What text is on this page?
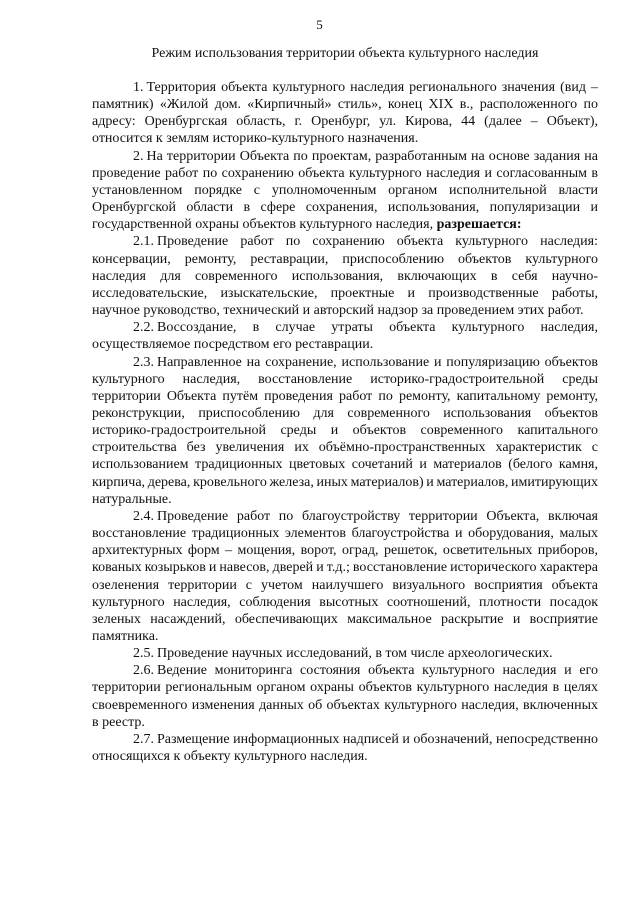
5
Режим использования территории объекта культурного наследия

1. Территория объекта культурного наследия регионального значения (вид – памятник) «Жилой дом. «Кирпичный» стиль», конец XIX в., расположенного по адресу: Оренбургская область, г. Оренбург, ул. Кирова, 44 (далее – Объект), относится к землям историко-культурного назначения.

2. На территории Объекта по проектам, разработанным на основе задания на проведение работ по сохранению объекта культурного наследия и согласованным в установленном порядке с уполномоченным органом исполнительной власти Оренбургской области в сфере сохранения, использования, популяризации и государственной охраны объектов культурного наследия, разрешается:

2.1. Проведение работ по сохранению объекта культурного наследия: консервации, ремонту, реставрации, приспособлению объектов культурного наследия для современного использования, включающих в себя научно-исследовательские, изыскательские, проектные и производственные работы, научное руководство, технический и авторский надзор за проведением этих работ.

2.2. Воссоздание, в случае утраты объекта культурного наследия, осуществляемое посредством его реставрации.

2.3. Направленное на сохранение, использование и популяризацию объектов культурного наследия, восстановление историко-градостроительной среды территории Объекта путём проведения работ по ремонту, капитальному ремонту, реконструкции, приспособлению для современного использования объектов историко-градостроительной среды и объектов современного капитального строительства без увеличения их объёмно-пространственных характеристик с использованием традиционных цветовых сочетаний и материалов (белого камня, кирпича, дерева, кровельного железа, иных материалов) и материалов, имитирующих натуральные.

2.4. Проведение работ по благоустройству территории Объекта, включая восстановление традиционных элементов благоустройства и оборудования, малых архитектурных форм – мощения, ворот, оград, решеток, осветительных приборов, кованых козырьков и навесов, дверей и т.д.; восстановление исторического характера озеленения территории с учетом наилучшего визуального восприятия объекта культурного наследия, соблюдения высотных соотношений, плотности посадок зеленых насаждений, обеспечивающих максимальное раскрытие и восприятие памятника.

2.5. Проведение научных исследований, в том числе археологических.

2.6. Ведение мониторинга состояния объекта культурного наследия и его территории региональным органом охраны объектов культурного наследия в целях своевременного изменения данных об объектах культурного наследия, включенных в реестр.

2.7. Размещение информационных надписей и обозначений, непосредственно относящихся к объекту культурного наследия.
